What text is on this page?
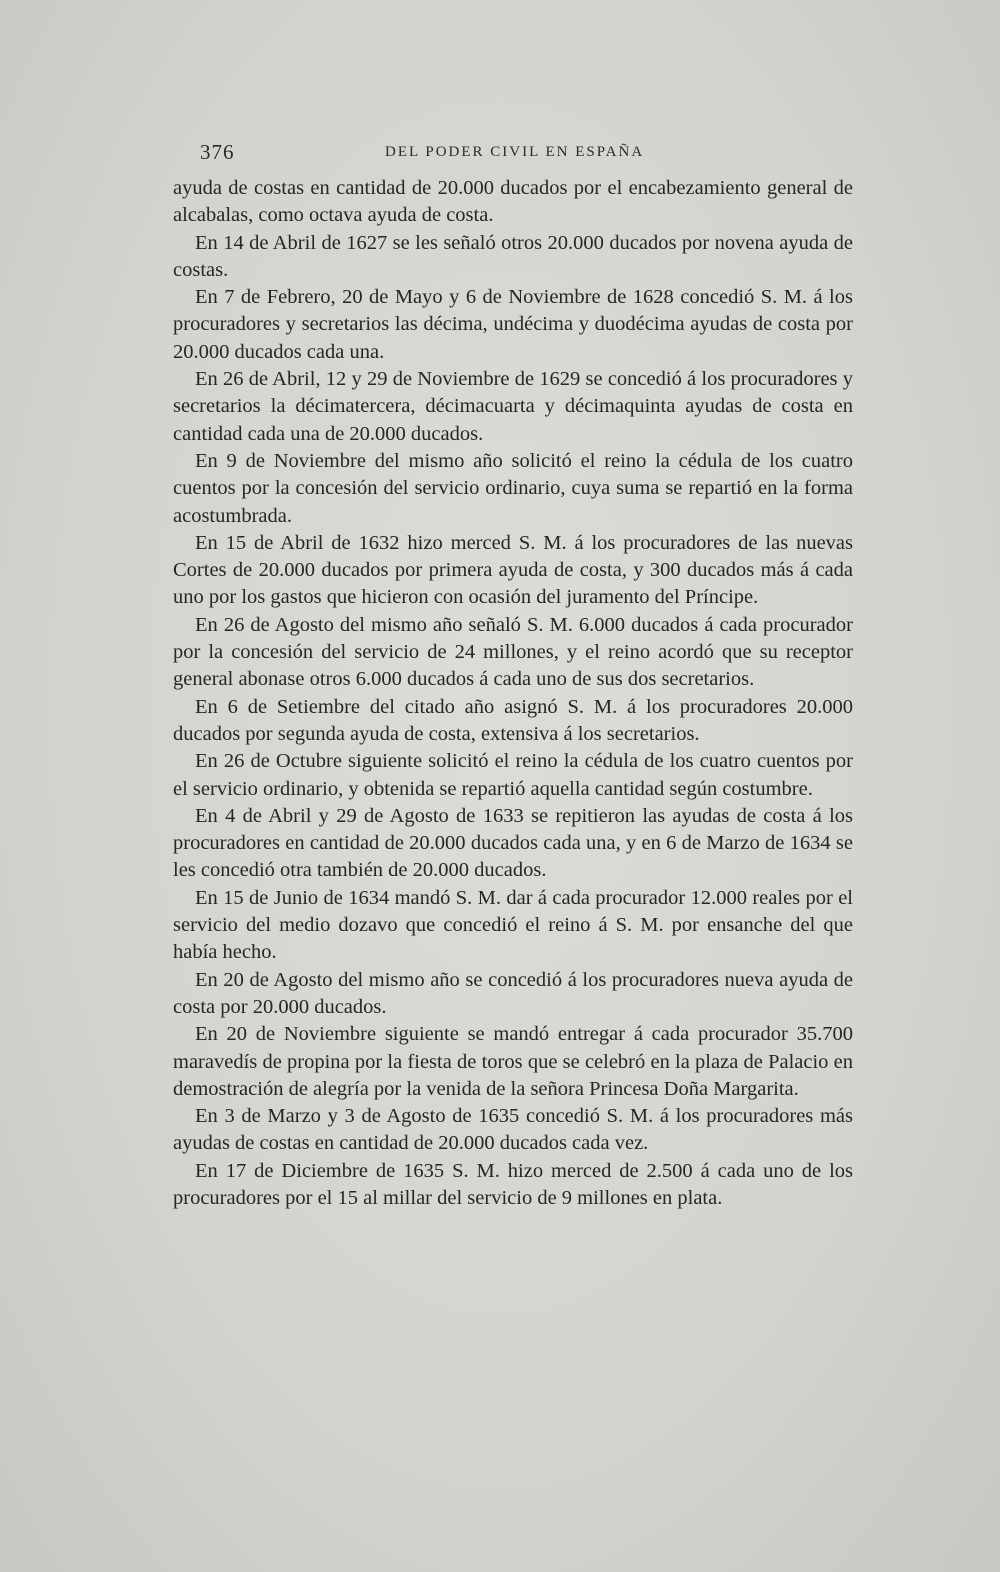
376	DEL PODER CIVIL EN ESPAÑA

ayuda de costas en cantidad de 20.000 ducados por el encabezamiento general de alcabalas, como octava ayuda de costa.

En 14 de Abril de 1627 se les señaló otros 20.000 ducados por novena ayuda de costas.

En 7 de Febrero, 20 de Mayo y 6 de Noviembre de 1628 concedió S. M. á los procuradores y secretarios las décima, undécima y duodécima ayudas de costa por 20.000 ducados cada una.

En 26 de Abril, 12 y 29 de Noviembre de 1629 se concedió á los procuradores y secretarios la décimatercera, décimacuarta y décimaquinta ayudas de costa en cantidad cada una de 20.000 ducados.

En 9 de Noviembre del mismo año solicitó el reino la cédula de los cuatro cuentos por la concesión del servicio ordinario, cuya suma se repartió en la forma acostumbrada.

En 15 de Abril de 1632 hizo merced S. M. á los procuradores de las nuevas Cortes de 20.000 ducados por primera ayuda de costa, y 300 ducados más á cada uno por los gastos que hicieron con ocasión del juramento del Príncipe.

En 26 de Agosto del mismo año señaló S. M. 6.000 ducados á cada procurador por la concesión del servicio de 24 millones, y el reino acordó que su receptor general abonase otros 6.000 ducados á cada uno de sus dos secretarios.

En 6 de Setiembre del citado año asignó S. M. á los procuradores 20.000 ducados por segunda ayuda de costa, extensiva á los secretarios.

En 26 de Octubre siguiente solicitó el reino la cédula de los cuatro cuentos por el servicio ordinario, y obtenida se repartió aquella cantidad según costumbre.

En 4 de Abril y 29 de Agosto de 1633 se repitieron las ayudas de costa á los procuradores en cantidad de 20.000 ducados cada una, y en 6 de Marzo de 1634 se les concedió otra también de 20.000 ducados.

En 15 de Junio de 1634 mandó S. M. dar á cada procurador 12.000 reales por el servicio del medio dozavo que concedió el reino á S. M. por ensanche del que había hecho.

En 20 de Agosto del mismo año se concedió á los procuradores nueva ayuda de costa por 20.000 ducados.

En 20 de Noviembre siguiente se mandó entregar á cada procurador 35.700 maravedís de propina por la fiesta de toros que se celebró en la plaza de Palacio en demostración de alegría por la venida de la señora Princesa Doña Margarita.

En 3 de Marzo y 3 de Agosto de 1635 concedió S. M. á los procuradores más ayudas de costas en cantidad de 20.000 ducados cada vez.

En 17 de Diciembre de 1635 S. M. hizo merced de 2.500 á cada uno de los procuradores por el 15 al millar del servicio de 9 millones en plata.
